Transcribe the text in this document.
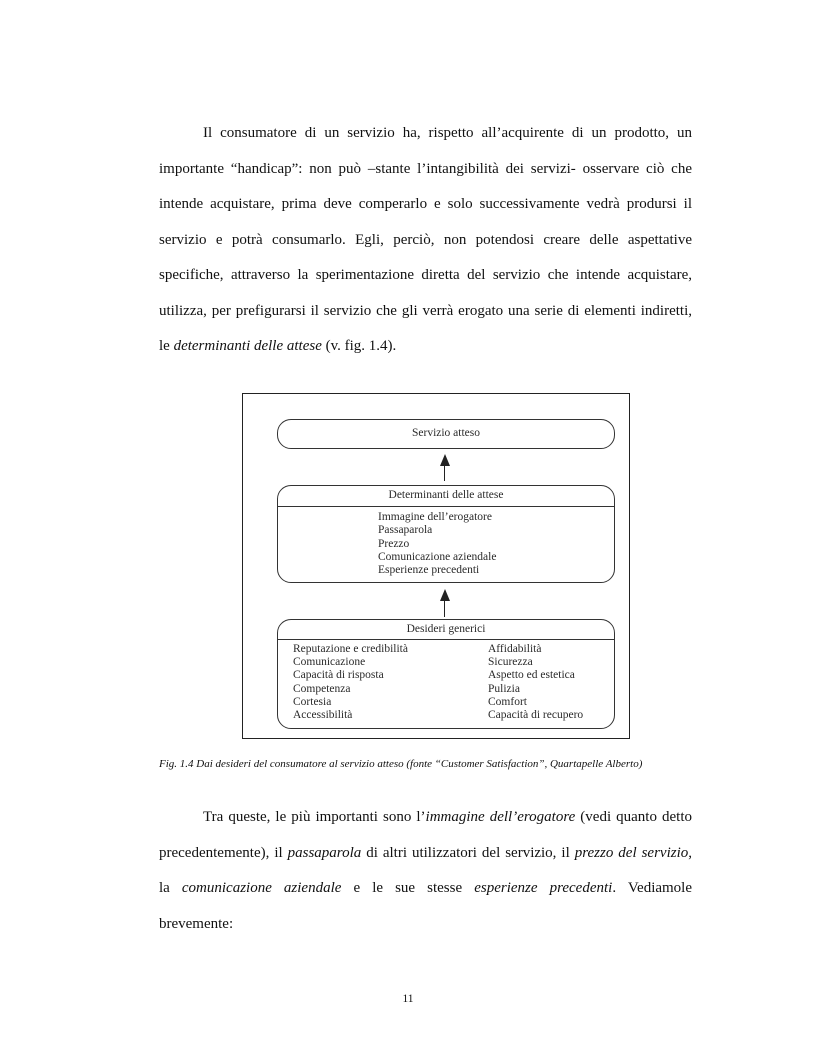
Il consumatore di un servizio ha, rispetto all’acquirente di un prodotto, un importante “handicap”: non può –stante l’intangibilità dei servizi- osservare ciò che intende acquistare, prima deve comperarlo e solo successivamente vedrà prodursi il servizio e potrà consumarlo. Egli, perciò, non potendosi creare delle aspettative specifiche, attraverso la sperimentazione diretta del servizio che intende acquistare, utilizza, per prefigurarsi il servizio che gli verrà erogato una serie di elementi indiretti, le determinanti delle attese (v. fig. 1.4).

Servizio atteso
Determinanti delle attese
Immagine dell’erogatore
Passaparola
Prezzo
Comunicazione aziendale
Esperienze precedenti
Desideri generici
Reputazione e credibilità
Comunicazione
Capacità di risposta
Competenza
Cortesia
Accessibilità
Affidabilità
Sicurezza
Aspetto ed estetica
Pulizia
Comfort
Capacità di recupero

Fig. 1.4 Dai desideri del consumatore al servizio atteso (fonte “Customer Satisfaction”, Quartapelle Alberto)

Tra queste, le più importanti sono l’immagine dell’erogatore (vedi quanto detto precedentemente), il passaparola di altri utilizzatori del servizio, il prezzo del servizio, la comunicazione aziendale e le sue stesse esperienze precedenti. Vediamole brevemente:

11
